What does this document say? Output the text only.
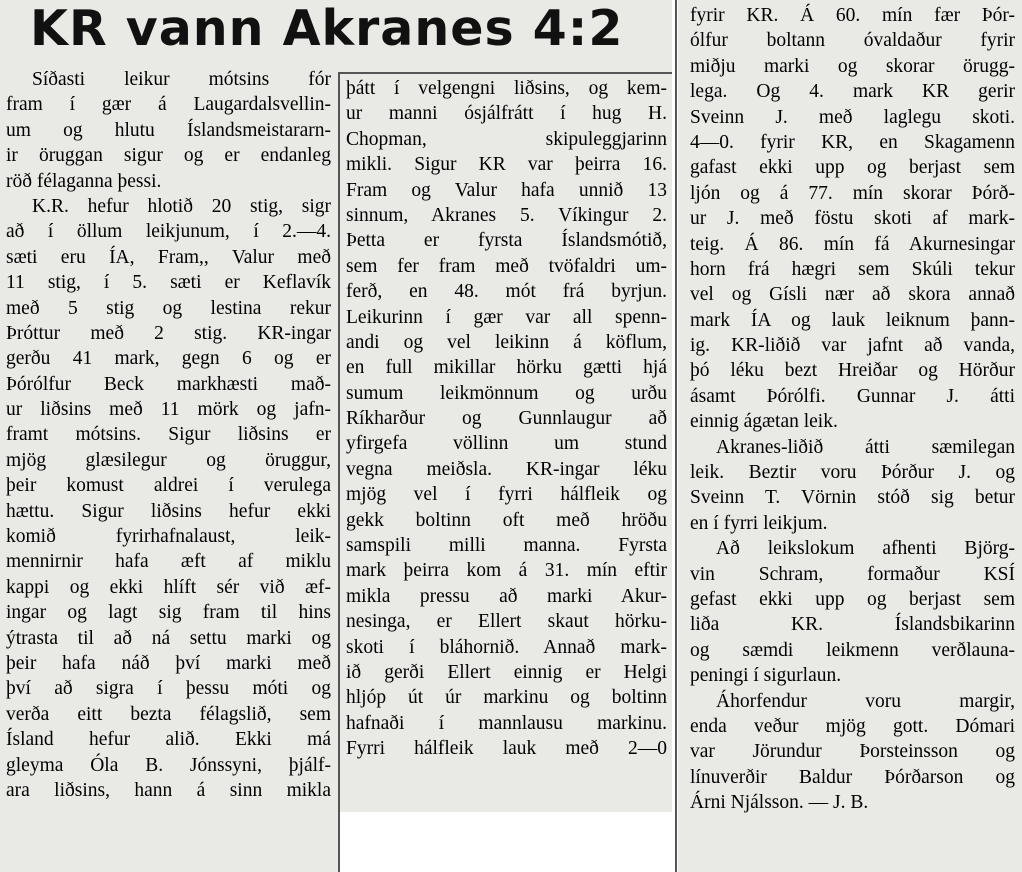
KR vann Akranes 4:2
Síðasti leikur mótsins fór
fram í gær á Laugardalsvellin-
um og hlutu Íslandsmeistararn-
ir öruggan sigur og er endanleg
röð félaganna þessi.
K.R. hefur hlotið 20 stig, sigr
að í öllum leikjunum, í 2.—4.
sæti eru ÍA, Fram,, Valur með
11 stig, í 5. sæti er Keflavík
með 5 stig og lestina rekur
Þróttur með 2 stig. KR-ingar
gerðu 41 mark, gegn 6 og er
Þórólfur Beck markhæsti mað-
ur liðsins með 11 mörk og jafn-
framt mótsins. Sigur liðsins er
mjög glæsilegur og öruggur,
þeir komust aldrei í verulega
hættu. Sigur liðsins hefur ekki
komið fyrirhafnalaust, leik-
mennirnir hafa æft af miklu
kappi og ekki hlíft sér við æf-
ingar og lagt sig fram til hins
ýtrasta til að ná settu marki og
þeir hafa náð því marki með
því að sigra í þessu móti og
verða eitt bezta félagslið, sem
Ísland hefur alið. Ekki má
gleyma Óla B. Jónssyni, þjálf-
ara liðsins, hann á sinn mikla
þátt í velgengni liðsins, og kem-
ur manni ósjálfrátt í hug H.
Chopman, skipuleggjarinn
mikli. Sigur KR var þeirra 16.
Fram og Valur hafa unnið 13
sinnum, Akranes 5. Víkingur 2.
Þetta er fyrsta Íslandsmótið,
sem fer fram með tvöfaldri um-
ferð, en 48. mót frá byrjun.
Leikurinn í gær var all spenn-
andi og vel leikinn á köflum,
en full mikillar hörku gætti hjá
sumum leikmönnum og urðu
Ríkharður og Gunnlaugur að
yfirgefa völlinn um stund
vegna meiðsla. KR-ingar léku
mjög vel í fyrri hálfleik og
gekk boltinn oft með hröðu
samspili milli manna. Fyrsta
mark þeirra kom á 31. mín eftir
mikla pressu að marki Akur-
nesinga, er Ellert skaut hörku-
skoti í bláhornið. Annað mark-
ið gerði Ellert einnig er Helgi
hljóp út úr markinu og boltinn
hafnaði í mannlausu markinu.
Fyrri hálfleik lauk með 2—0
fyrir KR. Á 60. mín fær Þór-
ólfur boltann óvaldaður fyrir
miðju marki og skorar örugg-
lega. Og 4. mark KR gerir
Sveinn J. með laglegu skoti.
4—0. fyrir KR, en Skagamenn
gafast ekki upp og berjast sem
ljón og á 77. mín skorar Þórð-
ur J. með föstu skoti af mark-
teig. Á 86. mín fá Akurnesingar
horn frá hægri sem Skúli tekur
vel og Gísli nær að skora annað
mark ÍA og lauk leiknum þann-
ig. KR-liðið var jafnt að vanda,
þó léku bezt Hreiðar og Hörður
ásamt Þórólfi. Gunnar J. átti
einnig ágætan leik.
Akranes-liðið átti sæmilegan
leik. Beztir voru Þórður J. og
Sveinn T. Vörnin stóð sig betur
en í fyrri leikjum.
Að leikslokum afhenti Björg-
vin Schram, formaður KSÍ
gefast ekki upp og berjast sem
liða KR. Íslandsbikarinn
og sæmdi leikmenn verðlauna-
peningi í sigurlaun.
Áhorfendur voru margir,
enda veður mjög gott. Dómari
var Jörundur Þorsteinsson og
línuverðir Baldur Þórðarson og
Árni Njálsson. — J. B.
